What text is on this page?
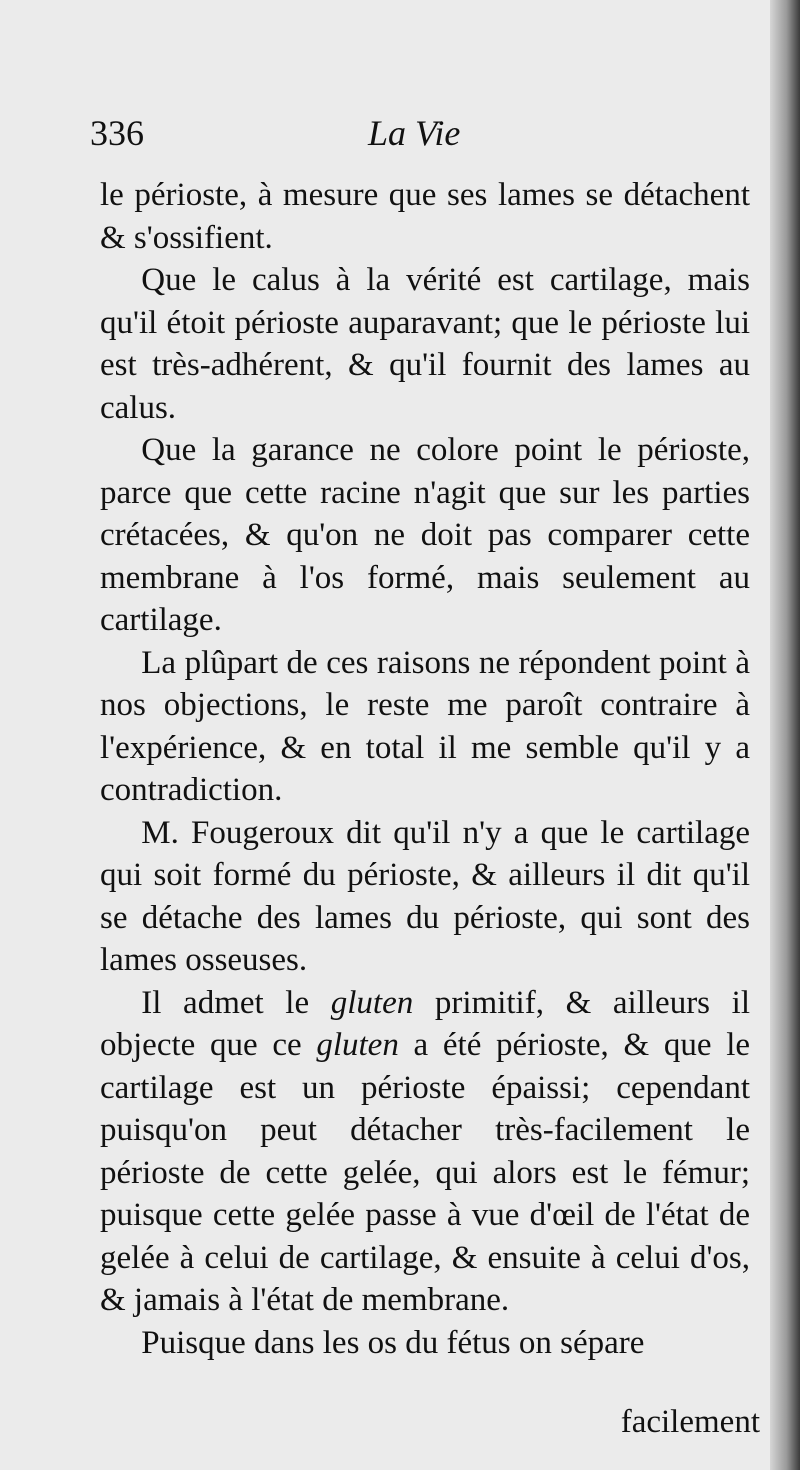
336	La Vie

le périoste, à mesure que ses lames se détachent & s'ossifient.

Que le calus à la vérité est cartilage, mais qu'il étoit périoste auparavant; que le périoste lui est très-adhérent, & qu'il fournit des lames au calus.

Que la garance ne colore point le périoste, parce que cette racine n'agit que sur les parties crétacées, & qu'on ne doit pas comparer cette membrane à l'os formé, mais seulement au cartilage.

La plûpart de ces raisons ne répondent point à nos objections, le reste me paroît contraire à l'expérience, & en total il me semble qu'il y a contradiction.

M. Fougeroux dit qu'il n'y a que le cartilage qui soit formé du périoste, & ailleurs il dit qu'il se détache des lames du périoste, qui sont des lames osseuses.

Il admet le gluten primitif, & ailleurs il objecte que ce gluten a été périoste, & que le cartilage est un périoste épaissi; cependant puisqu'on peut détacher très-facilement le périoste de cette gelée, qui alors est le fémur; puisque cette gelée passe à vue d'œil de l'état de gelée à celui de cartilage, & ensuite à celui d'os, & jamais à l'état de membrane.

Puisque dans les os du fétus on sépare

facilement
